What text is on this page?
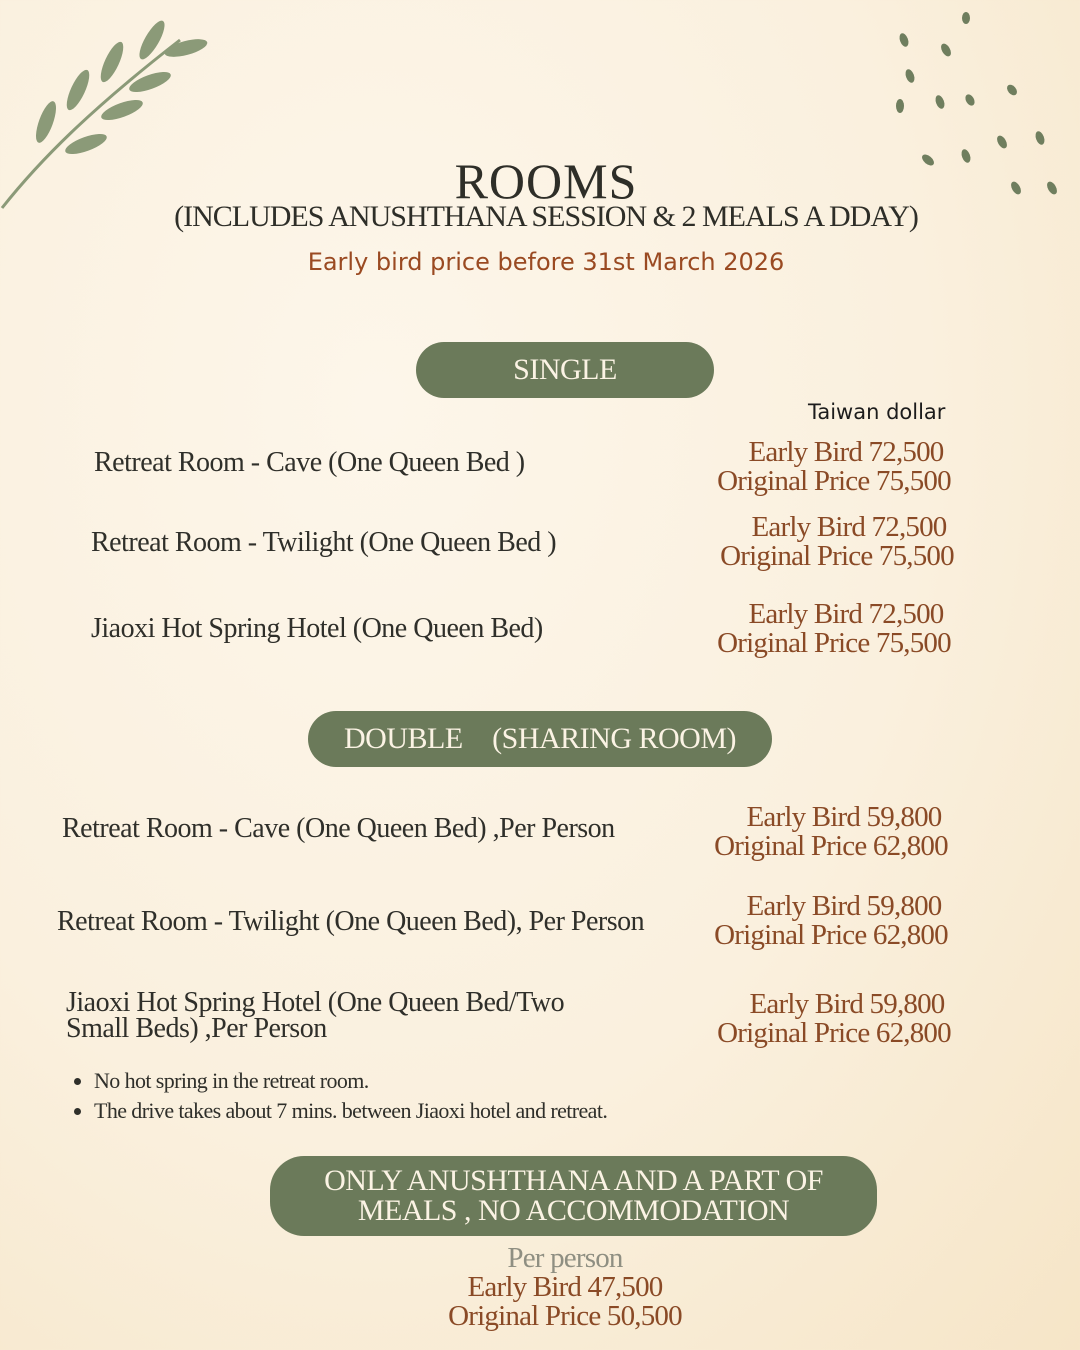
ROOMS
(INCLUDES ANUSHTHANA SESSION & 2 MEALS A DDAY)
Early bird price before 31st March 2026
SINGLE
Taiwan dollar
Retreat Room - Cave (One Queen Bed )	Early Bird 72,500
Original Price 75,500
Retreat Room - Twilight (One Queen Bed )	Early Bird 72,500
Original Price 75,500
Jiaoxi Hot Spring Hotel (One Queen Bed)	Early Bird 72,500
Original Price 75,500
DOUBLE　(SHARING ROOM)
Retreat Room - Cave (One Queen Bed) ,Per Person	Early Bird 59,800
Original Price 62,800
Retreat Room - Twilight (One Queen Bed), Per Person	Early Bird 59,800
Original Price 62,800
Jiaoxi Hot Spring Hotel (One Queen Bed/Two
Small Beds) ,Per Person
Early Bird 59,800
Original Price 62,800
• No hot spring in the retreat room.
• The drive takes about 7 mins. between Jiaoxi hotel and retreat.
ONLY ANUSHTHANA AND A PART OF
MEALS , NO ACCOMMODATION
Per person
Early Bird 47,500
Original Price 50,500
